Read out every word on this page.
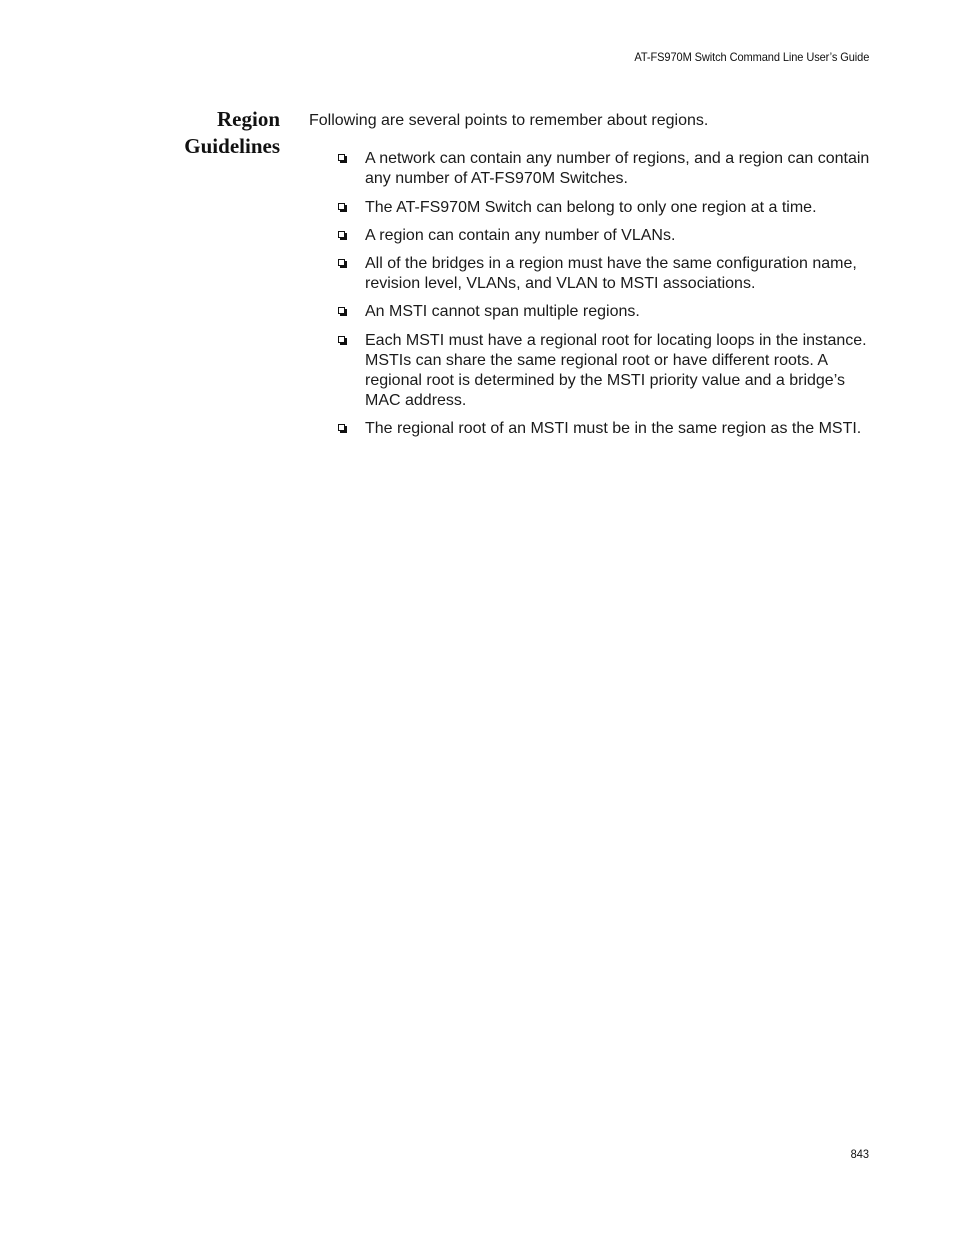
AT-FS970M Switch Command Line User’s Guide
Region
Guidelines

Following are several points to remember about regions.

A network can contain any number of regions, and a region can contain any number of AT-FS970M Switches.
The AT-FS970M Switch can belong to only one region at a time.
A region can contain any number of VLANs.
All of the bridges in a region must have the same configuration name, revision level, VLANs, and VLAN to MSTI associations.
An MSTI cannot span multiple regions.
Each MSTI must have a regional root for locating loops in the instance. MSTIs can share the same regional root or have different roots. A regional root is determined by the MSTI priority value and a bridge’s MAC address.
The regional root of an MSTI must be in the same region as the MSTI.
843
